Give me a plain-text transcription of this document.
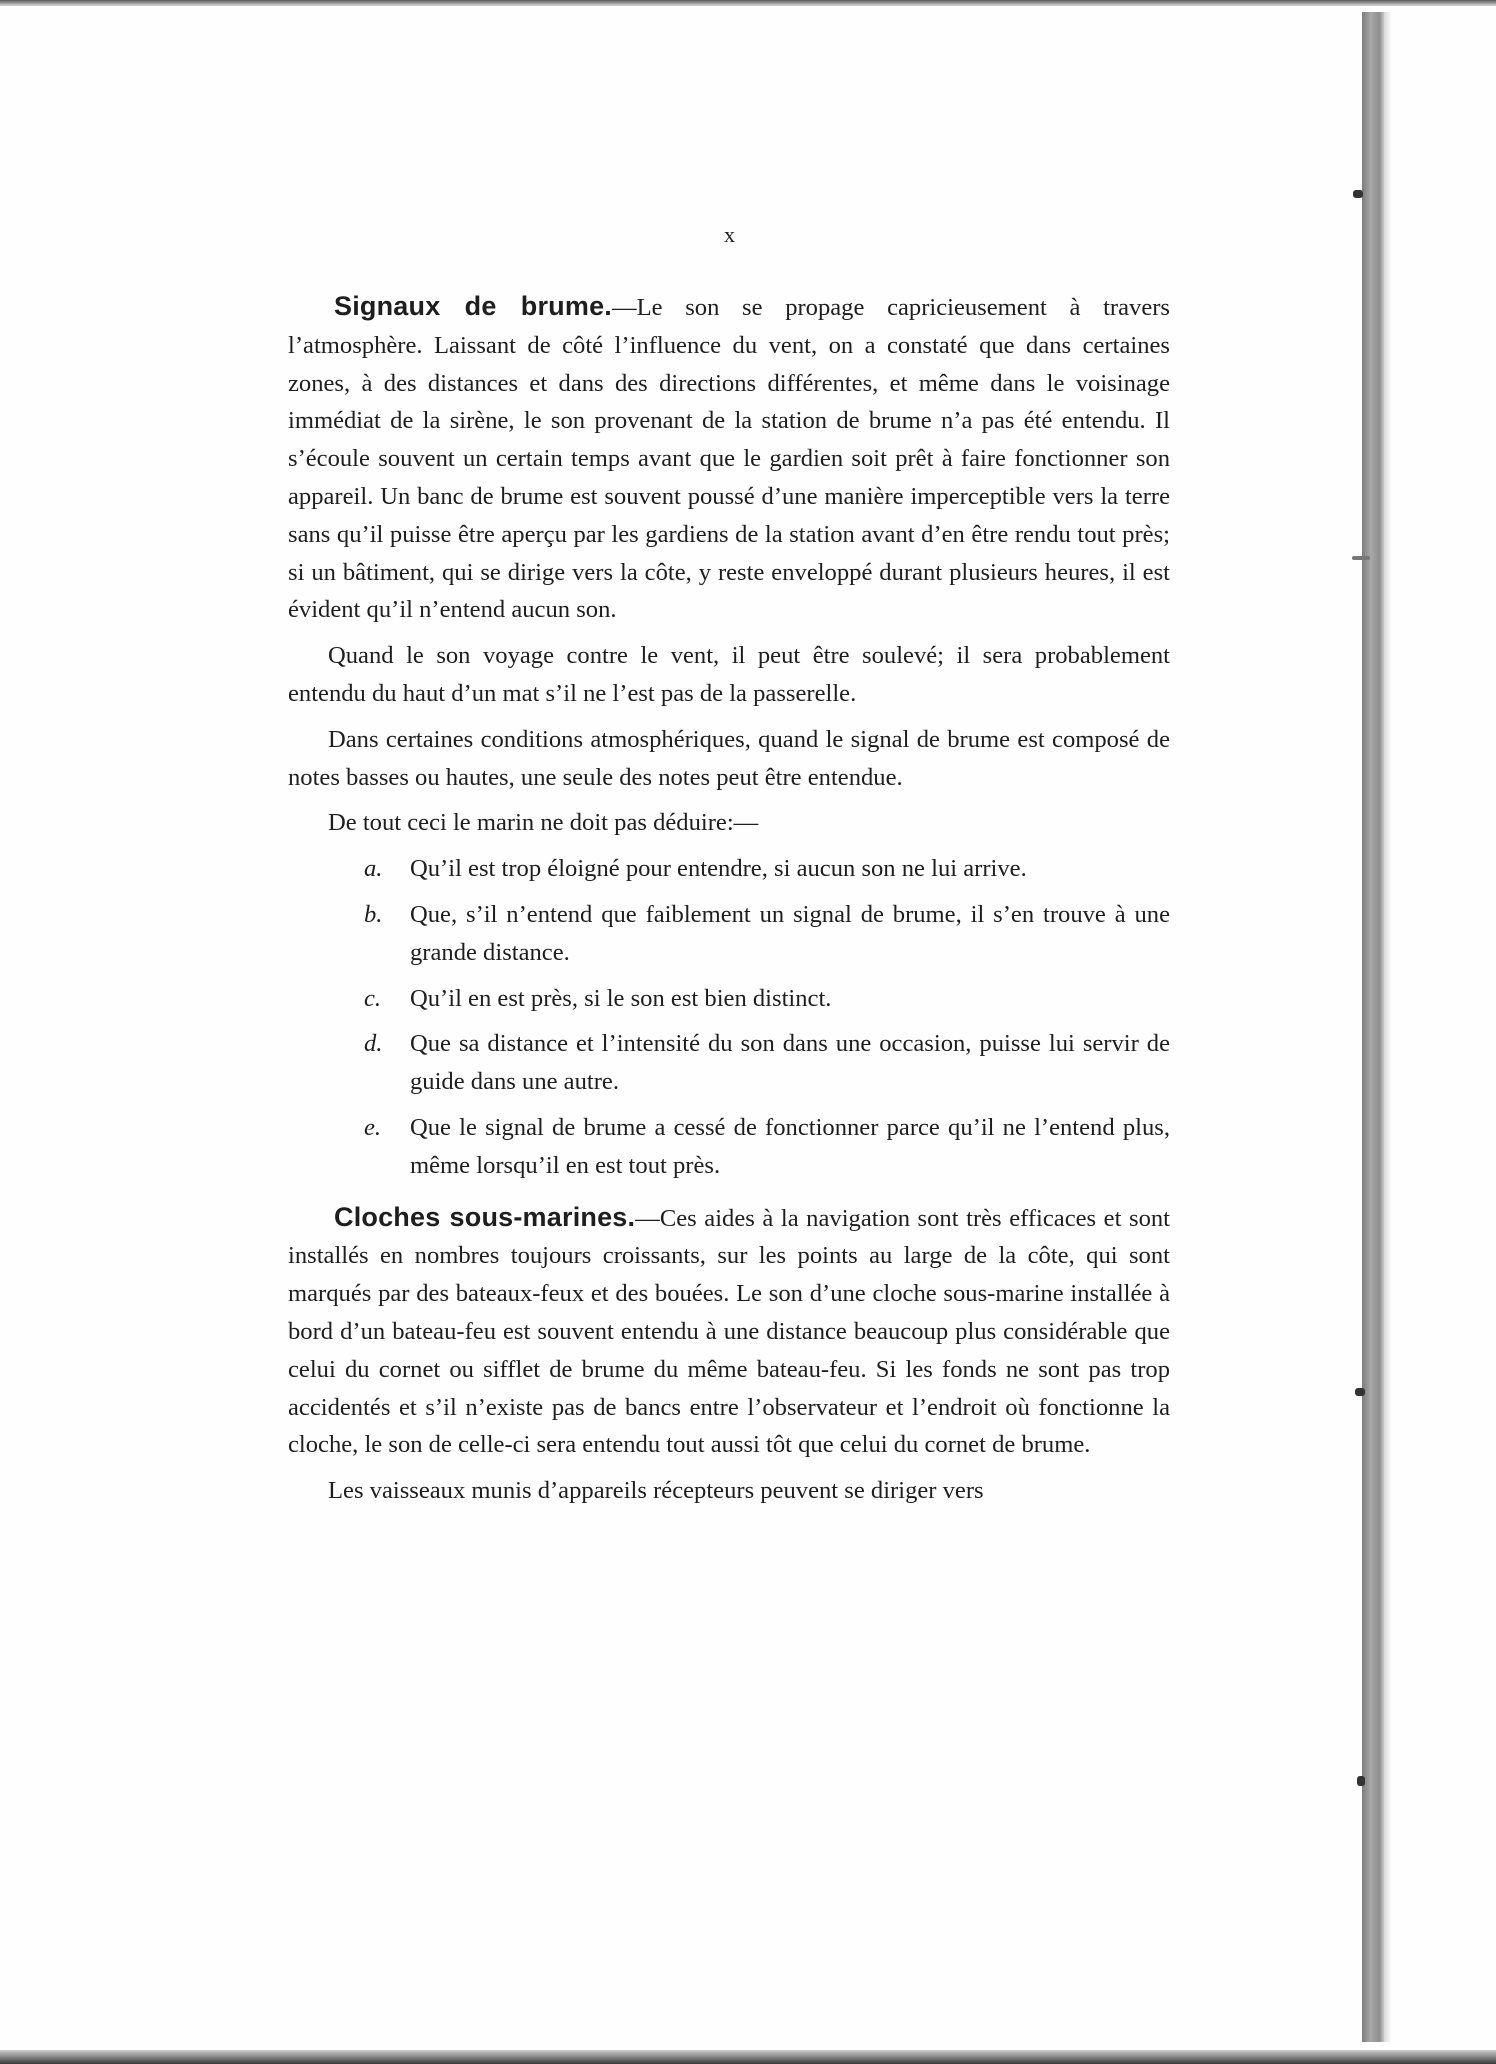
x

Signaux de brume.—Le son se propage capricieusement à travers l’atmosphère. Laissant de côté l’influence du vent, on a constaté que dans certaines zones, à des distances et dans des directions différentes, et même dans le voisinage immédiat de la sirène, le son provenant de la station de brume n’a pas été entendu. Il s’écoule souvent un certain temps avant que le gardien soit prêt à faire fonctionner son appareil. Un banc de brume est souvent poussé d’une manière imperceptible vers la terre sans qu’il puisse être aperçu par les gardiens de la station avant d’en être rendu tout près; si un bâtiment, qui se dirige vers la côte, y reste enveloppé durant plusieurs heures, il est évident qu’il n’entend aucun son.

Quand le son voyage contre le vent, il peut être soulevé; il sera probablement entendu du haut d’un mat s’il ne l’est pas de la passerelle.

Dans certaines conditions atmosphériques, quand le signal de brume est composé de notes basses ou hautes, une seule des notes peut être entendue.

De tout ceci le marin ne doit pas déduire:—

a.	Qu’il est trop éloigné pour entendre, si aucun son ne lui arrive.
b.	Que, s’il n’entend que faiblement un signal de brume, il s’en trouve à une grande distance.
c.	Qu’il en est près, si le son est bien distinct.
d.	Que sa distance et l’intensité du son dans une occasion, puisse lui servir de guide dans une autre.
e.	Que le signal de brume a cessé de fonctionner parce qu’il ne l’entend plus, même lorsqu’il en est tout près.

Cloches sous-marines.—Ces aides à la navigation sont très efficaces et sont installés en nombres toujours croissants, sur les points au large de la côte, qui sont marqués par des bateaux-feux et des bouées. Le son d’une cloche sous-marine installée à bord d’un bateau-feu est souvent entendu à une distance beaucoup plus considérable que celui du cornet ou sifflet de brume du même bateau-feu. Si les fonds ne sont pas trop accidentés et s’il n’existe pas de bancs entre l’observateur et l’endroit où fonctionne la cloche, le son de celle-ci sera entendu tout aussi tôt que celui du cornet de brume.

Les vaisseaux munis d’appareils récepteurs peuvent se diriger vers
